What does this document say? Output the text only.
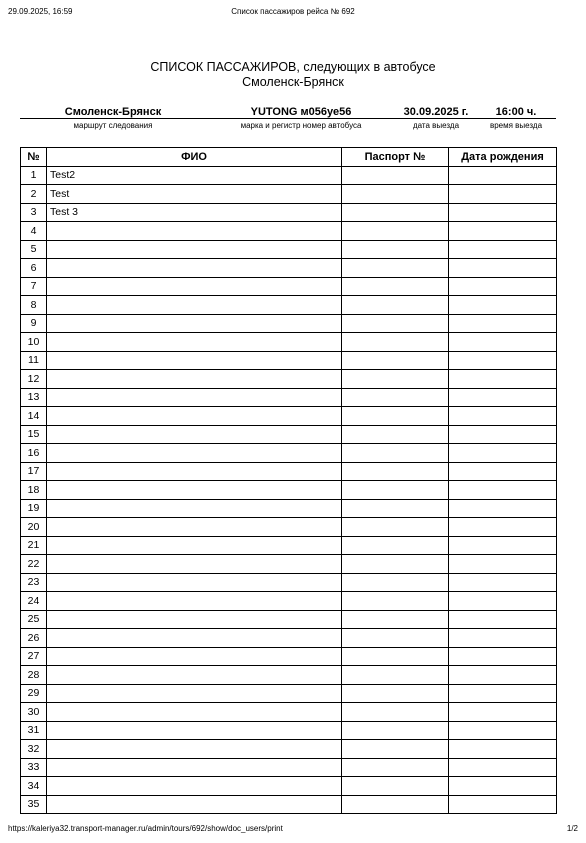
29.09.2025, 16:59	Список пассажиров рейса № 692
СПИСОК ПАССАЖИРОВ, следующих в автобусе
Смоленск-Брянск
Смоленск-Брянск	YUTONG м056уе56	30.09.2025 г.	16:00 ч.
маршрут следования	марка и регистр номер автобуса	дата выезда	время выезда
№	ФИО	Паспорт №	Дата рождения
1	Test2		
2	Test		
3	Test 3		
4			
5			
6			
7			
8			
9			
10			
11			
12			
13			
14			
15			
16			
17			
18			
19			
20			
21			
22			
23			
24			
25			
26			
27			
28			
29			
30			
31			
32			
33			
34			
35			
https://kaleriya32.transport-manager.ru/admin/tours/692/show/doc_users/print	1/2
